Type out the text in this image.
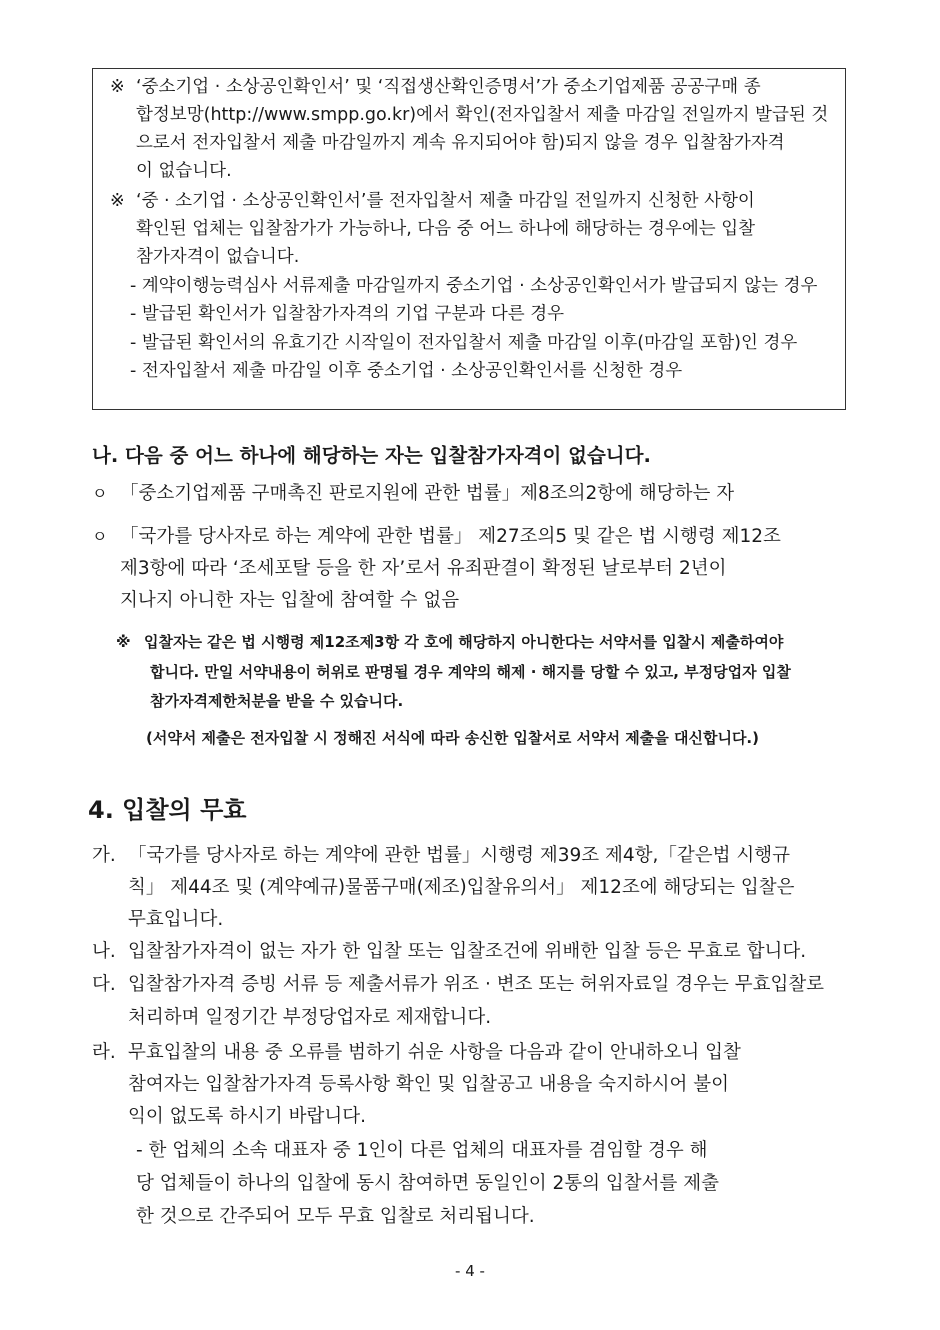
※ ‘중소기업 · 소상공인확인서’ 및 ‘직접생산확인증명서’가 중소기업제품 공공구매 종
합정보망(http://www.smpp.go.kr)에서 확인(전자입찰서 제출 마감일 전일까지 발급된 것
으로서 전자입찰서 제출 마감일까지 계속 유지되어야 함)되지 않을 경우 입찰참가자격
이 없습니다.
※ ‘중 · 소기업 · 소상공인확인서’를 전자입찰서 제출 마감일 전일까지 신청한 사항이
확인된 업체는 입찰참가가 가능하나, 다음 중 어느 하나에 해당하는 경우에는 입찰
참가자격이 없습니다.
- 계약이행능력심사 서류제출 마감일까지 중소기업 · 소상공인확인서가 발급되지 않는 경우
- 발급된 확인서가 입찰참가자격의 기업 구분과 다른 경우
- 발급된 확인서의 유효기간 시작일이 전자입찰서 제출 마감일 이후(마감일 포함)인 경우
- 전자입찰서 제출 마감일 이후 중소기업 · 소상공인확인서를 신청한 경우
나. 다음 중 어느 하나에 해당하는 자는 입찰참가자격이 없습니다.
ㅇ 「중소기업제품 구매촉진 판로지원에 관한 법률」제8조의2항에 해당하는 자
ㅇ 「국가를 당사자로 하는 계약에 관한 법률」 제27조의5 및 같은 법 시행령 제12조
제3항에 따라 ‘조세포탈 등을 한 자’로서 유죄판결이 확정된 날로부터 2년이
지나지 아니한 자는 입찰에 참여할 수 없음
※ 입찰자는 같은 법 시행령 제12조제3항 각 호에 해당하지 아니한다는 서약서를 입찰시 제출하여야
합니다. 만일 서약내용이 허위로 판명될 경우 계약의 해제 · 해지를 당할 수 있고, 부정당업자 입찰
참가자격제한처분을 받을 수 있습니다.
(서약서 제출은 전자입찰 시 정해진 서식에 따라 송신한 입찰서로 서약서 제출을 대신합니다.)
4. 입찰의 무효
가. 「국가를 당사자로 하는 계약에 관한 법률」시행령 제39조 제4항,「같은법 시행규
칙」 제44조 및 (계약예규)물품구매(제조)입찰유의서」 제12조에 해당되는 입찰은
무효입니다.
나. 입찰참가자격이 없는 자가 한 입찰 또는 입찰조건에 위배한 입찰 등은 무효로 합니다.
다. 입찰참가자격 증빙 서류 등 제출서류가 위조 · 변조 또는 허위자료일 경우는 무효입찰로
처리하며 일정기간 부정당업자로 제재합니다.
라. 무효입찰의 내용 중 오류를 범하기 쉬운 사항을 다음과 같이 안내하오니 입찰
참여자는 입찰참가자격 등록사항 확인 및 입찰공고 내용을 숙지하시어 불이
익이 없도록 하시기 바랍니다.
- 한 업체의 소속 대표자 중 1인이 다른 업체의 대표자를 겸임할 경우 해
당 업체들이 하나의 입찰에 동시 참여하면 동일인이 2통의 입찰서를 제출
한 것으로 간주되어 모두 무효 입찰로 처리됩니다.
- 4 -
